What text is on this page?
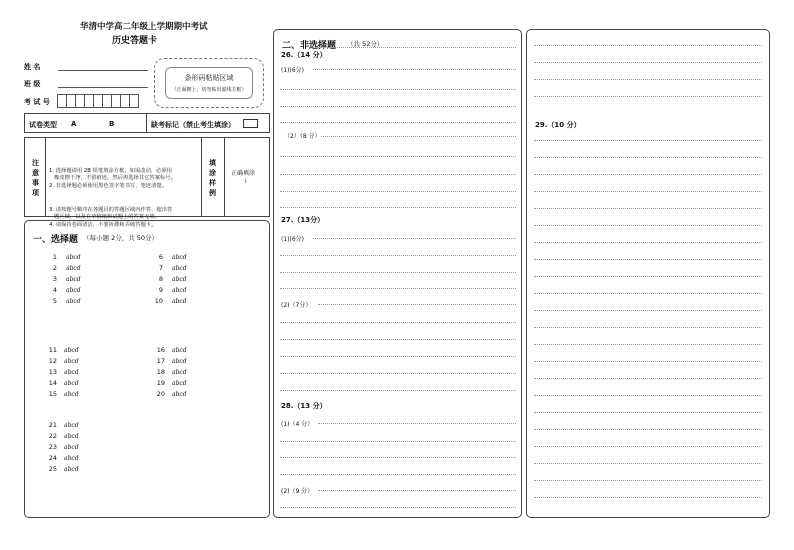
华清中学高二年级上学期期中考试
历史答题卡
姓 名
班 级
考 试 号
条形码粘贴区域
（正面朝上，切勿贴出虚线方框）
试卷类型 A	B	缺考标记（禁止考生填涂）
注
意
事
项

1. 选择题请用 2B 铅笔填涂方框，如需改动，必须用
橡皮擦干净，不留痕迹，然后再选择其它答案标号。
2. 非选择题必须使用黑色签字笔书写，笔迹清楚。

3. 请按题号顺序在各题目的答题区域内作答，超出答
题区域，以及在草稿纸和试题上的答案无效。
4. 请保持卷面清洁，不要折叠和弄破答题卡。

填
涂
样
例
正确填涂
i
一、选择题 （每小题 2分，共 50分）
1 abcd
2 abcd
3 abcd
4 abcd
5 abcd
6 abcd
7 abcd
8 abcd
9 abcd
10 abcd
11 abcd
12 abcd
13 abcd
14 abcd
15 abcd
16 abcd
17 abcd
18 abcd
19 abcd
20 abcd
21 abcd
22 abcd
23 abcd
24 abcd
25 abcd
二、非选择题 （共 52分）
26.（14 分）
(1)(6分)
（2）（8 分）
27.（13分）
(1)(6分)
(2)（7分）
28.（13 分）
(1)（4 分）
(2)（9 分）
29.（10 分）
